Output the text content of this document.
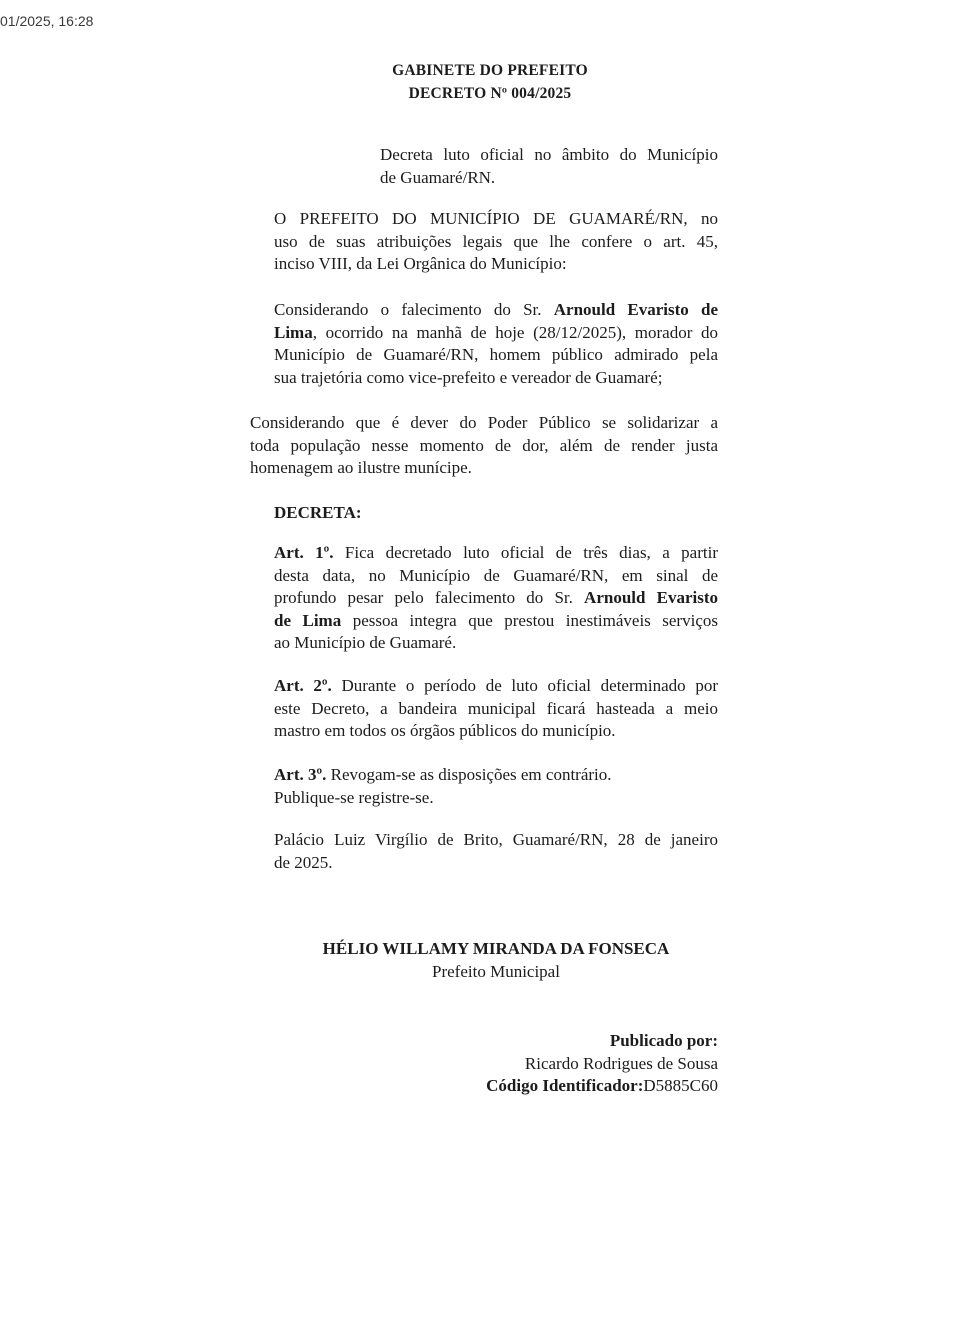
01/2025, 16:28
GABINETE DO PREFEITO
DECRETO Nº 004/2025
Decreta luto oficial no âmbito do Município
de Guamaré/RN.
O PREFEITO DO MUNICÍPIO DE GUAMARÉ/RN, no
uso de suas atribuições legais que lhe confere o art. 45,
inciso VIII, da Lei Orgânica do Município:
Considerando o falecimento do Sr. Arnould Evaristo de
Lima, ocorrido na manhã de hoje (28/12/2025), morador do
Município de Guamaré/RN, homem público admirado pela
sua trajetória como vice-prefeito e vereador de Guamaré;
Considerando que é dever do Poder Público se solidarizar a
toda população nesse momento de dor, além de render justa
homenagem ao ilustre munícipe.
DECRETA:
Art. 1º. Fica decretado luto oficial de três dias, a partir
desta data, no Município de Guamaré/RN, em sinal de
profundo pesar pelo falecimento do Sr. Arnould Evaristo
de Lima pessoa integra que prestou inestimáveis serviços
ao Município de Guamaré.
Art. 2º. Durante o período de luto oficial determinado por
este Decreto, a bandeira municipal ficará hasteada a meio
mastro em todos os órgãos públicos do município.
Art. 3º. Revogam-se as disposições em contrário.
Publique-se registre-se.
Palácio Luiz Virgílio de Brito, Guamaré/RN, 28 de janeiro
de 2025.
HÉLIO WILLAMY MIRANDA DA FONSECA
Prefeito Municipal
Publicado por:
Ricardo Rodrigues de Sousa
Código Identificador:D5885C60
